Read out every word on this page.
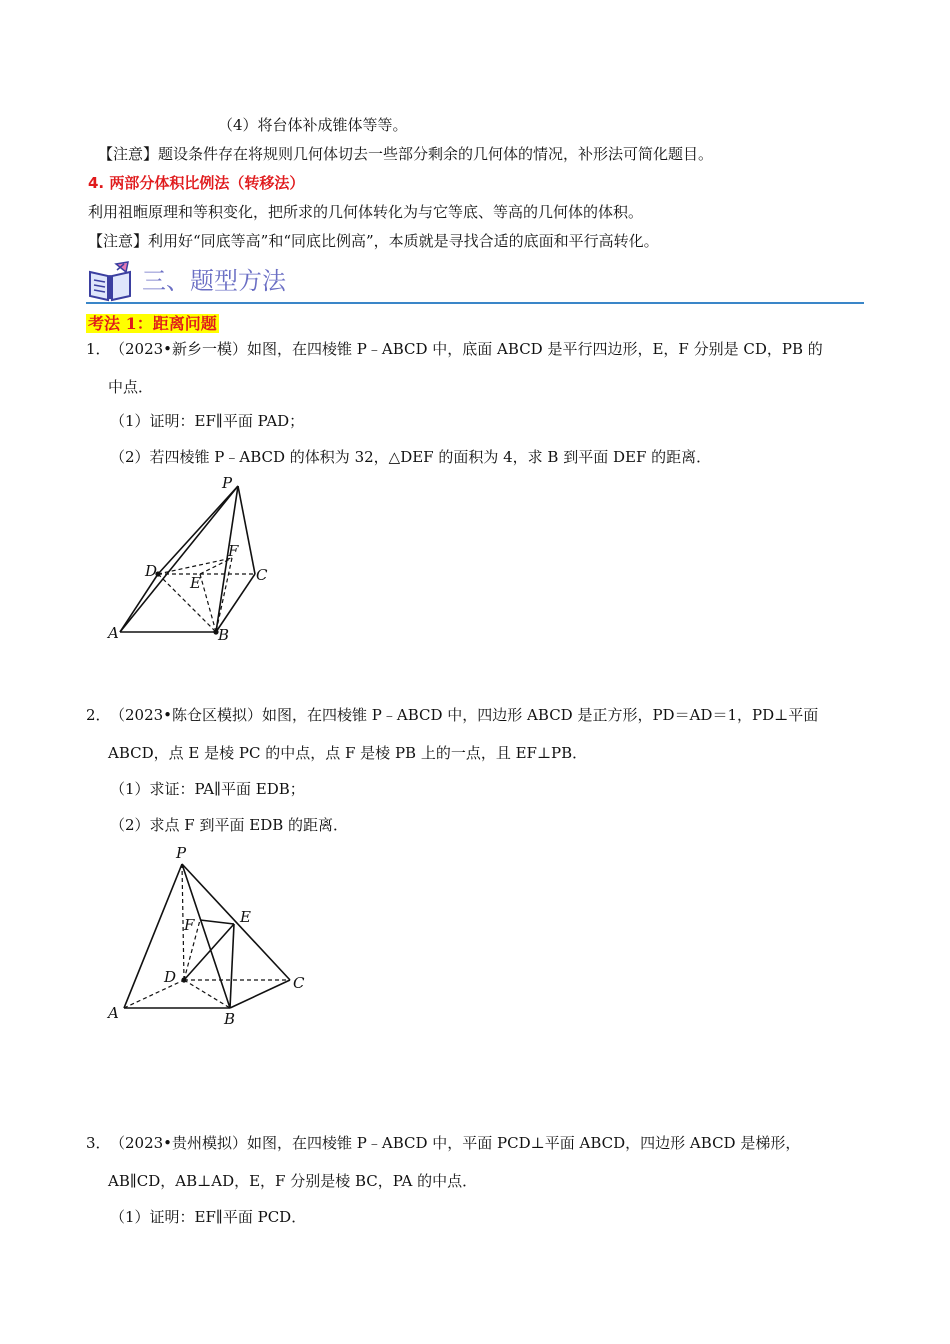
（4）将台体补成锥体等等。
【注意】题设条件存在将规则几何体切去一些部分剩余的几何体的情况，补形法可简化题目。
4. 两部分体积比例法（转移法）
利用祖暅原理和等积变化，把所求的几何体转化为与它等底、等高的几何体的体积。
【注意】利用好“同底等高”和“同底比例高”，本质就是寻找合适的底面和平行高转化。
三、题型方法
考法 1：距离问题
1． （2023•新乡一模）如图，在四棱锥 P﹣ABCD 中，底面 ABCD 是平行四边形，E，F 分别是 CD，PB 的
中点．
（1）证明：EF∥平面 PAD；
（2）若四棱锥 P﹣ABCD 的体积为 32，△DEF 的面积为 4，求 B 到平面 DEF 的距离．
P
F
D	C
E
A	B
2． （2023•陈仓区模拟）如图，在四棱锥 P﹣ABCD 中，四边形 ABCD 是正方形，PD＝AD＝1，PD⊥平面
ABCD，点 E 是棱 PC 的中点，点 F 是棱 PB 上的一点，且 EF⊥PB．
（1）求证：PA∥平面 EDB；
（2）求点 F 到平面 EDB 的距离．
P
E
F
D	C
A	B
3． （2023•贵州模拟）如图，在四棱锥 P﹣ABCD 中，平面 PCD⊥平面 ABCD，四边形 ABCD 是梯形，
AB∥CD，AB⊥AD，E，F 分别是棱 BC，PA 的中点．
（1）证明：EF∥平面 PCD．
